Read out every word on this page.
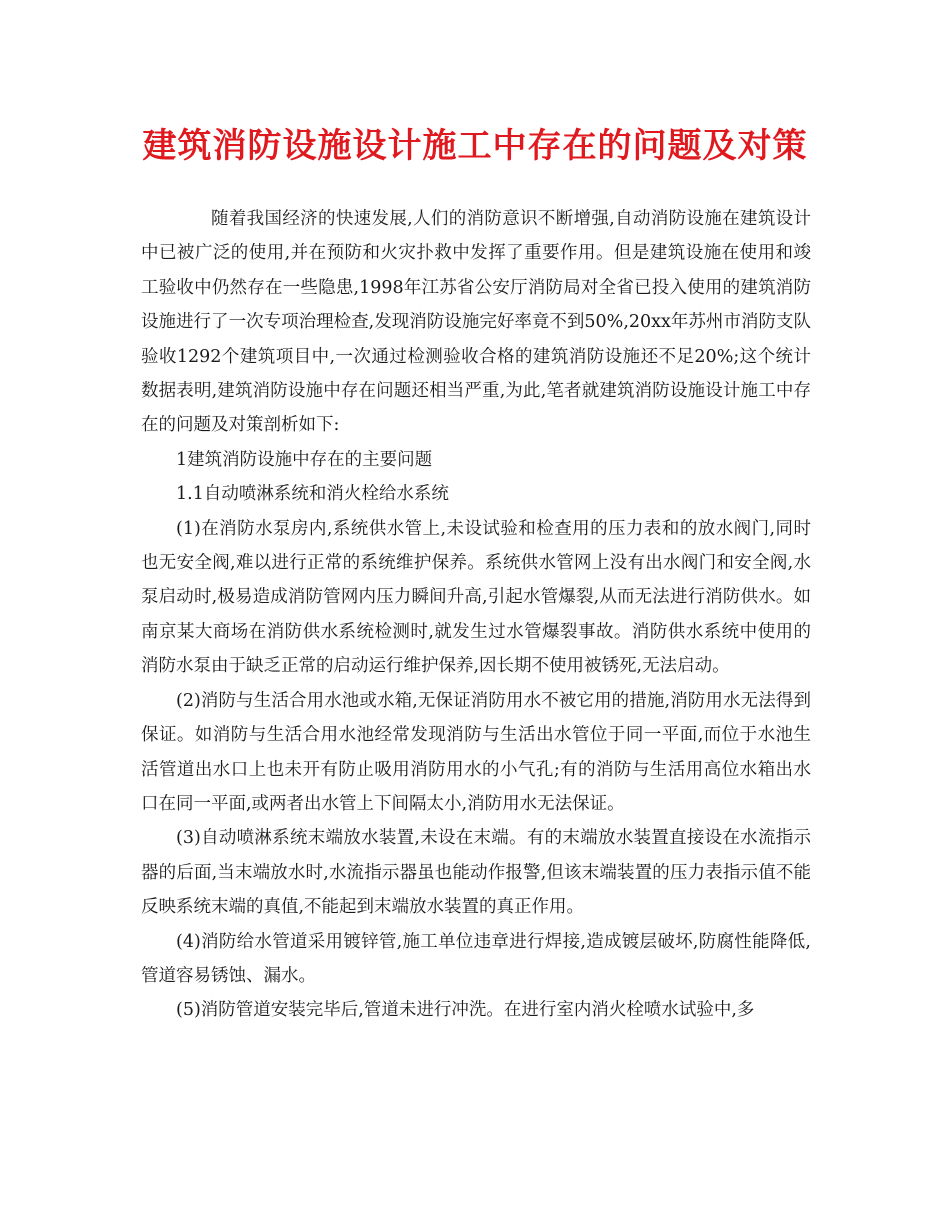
建筑消防设施设计施工中存在的问题及对策

随着我国经济的快速发展,人们的消防意识不断增强,自动消防设施在建筑设计中已被广泛的使用,并在预防和火灾扑救中发挥了重要作用。但是建筑设施在使用和竣工验收中仍然存在一些隐患,1998年江苏省公安厅消防局对全省已投入使用的建筑消防设施进行了一次专项治理检查,发现消防设施完好率竟不到50%,20xx年苏州市消防支队验收1292个建筑项目中,一次通过检测验收合格的建筑消防设施还不足20%;这个统计数据表明,建筑消防设施中存在问题还相当严重,为此,笔者就建筑消防设施设计施工中存在的问题及对策剖析如下:

1建筑消防设施中存在的主要问题

1.1自动喷淋系统和消火栓给水系统

(1)在消防水泵房内,系统供水管上,未设试验和检查用的压力表和的放水阀门,同时也无安全阀,难以进行正常的系统维护保养。系统供水管网上没有出水阀门和安全阀,水泵启动时,极易造成消防管网内压力瞬间升高,引起水管爆裂,从而无法进行消防供水。如南京某大商场在消防供水系统检测时,就发生过水管爆裂事故。消防供水系统中使用的消防水泵由于缺乏正常的启动运行维护保养,因长期不使用被锈死,无法启动。

(2)消防与生活合用水池或水箱,无保证消防用水不被它用的措施,消防用水无法得到保证。如消防与生活合用水池经常发现消防与生活出水管位于同一平面,而位于水池生活管道出水口上也未开有防止吸用消防用水的小气孔;有的消防与生活用高位水箱出水口在同一平面,或两者出水管上下间隔太小,消防用水无法保证。

(3)自动喷淋系统末端放水装置,未设在末端。有的末端放水装置直接设在水流指示器的后面,当末端放水时,水流指示器虽也能动作报警,但该末端装置的压力表指示值不能反映系统末端的真值,不能起到末端放水装置的真正作用。

(4)消防给水管道采用镀锌管,施工单位违章进行焊接,造成镀层破坏,防腐性能降低,管道容易锈蚀、漏水。

(5)消防管道安装完毕后,管道未进行冲洗。在进行室内消火栓喷水试验中,多
